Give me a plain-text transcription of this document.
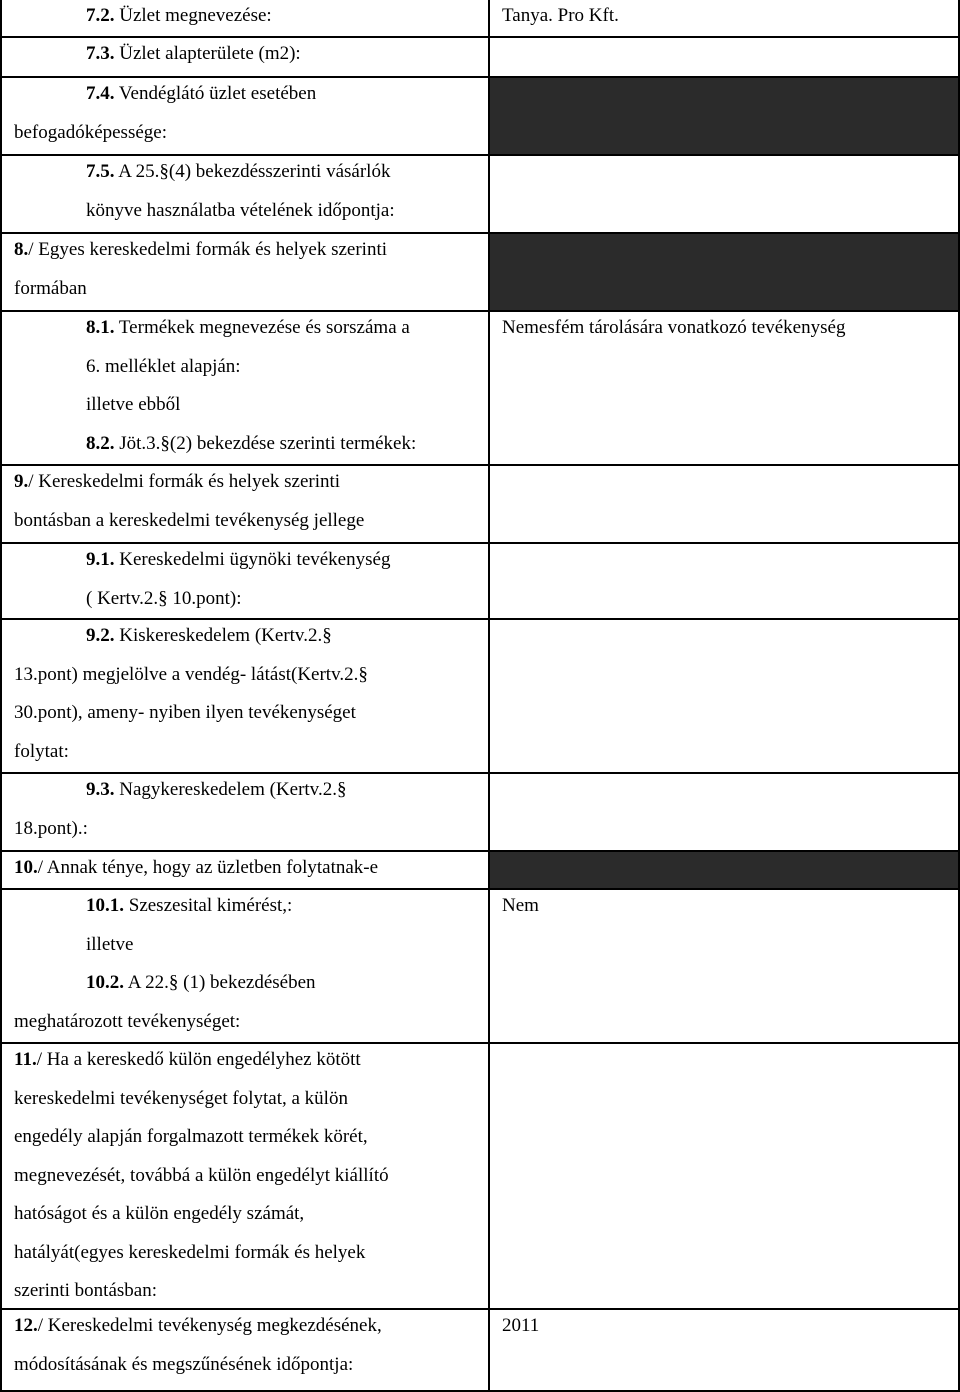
7.2. Üzlet megnevezése:	Tanya. Pro Kft.
7.3. Üzlet alapterülete (m2):
7.4. Vendéglátó üzlet esetében
befogadóképessége:
7.5. A 25.§(4) bekezdésszerinti vásárlók
könyve használatba vételének időpontja:
8./ Egyes kereskedelmi formák és helyek szerinti
formában
8.1. Termékek megnevezése és sorszáma a
6. melléklet alapján:
illetve ebből
8.2. Jöt.3.§(2) bekezdése szerinti termékek:
Nemesfém tárolására vonatkozó tevékenység
9./ Kereskedelmi formák és helyek szerinti
bontásban a kereskedelmi tevékenység jellege
9.1. Kereskedelmi ügynöki tevékenység
( Kertv.2.§ 10.pont):
9.2. Kiskereskedelem (Kertv.2.§
13.pont) megjelölve a vendég- látást(Kertv.2.§
30.pont), ameny- nyiben ilyen tevékenységet
folytat:
9.3. Nagykereskedelem (Kertv.2.§
18.pont).:
10./ Annak ténye, hogy az üzletben folytatnak-e
10.1. Szeszesital kimérést,:
illetve
10.2. A 22.§ (1) bekezdésében
meghatározott tevékenységet:
Nem
11./ Ha a kereskedő külön engedélyhez kötött
kereskedelmi tevékenységet folytat, a külön
engedély alapján forgalmazott termékek körét,
megnevezését, továbbá a külön engedélyt kiállító
hatóságot és a külön engedély számát,
hatályát(egyes kereskedelmi formák és helyek
szerinti bontásban:
12./ Kereskedelmi tevékenység megkezdésének,
módosításának és megszűnésének időpontja:
2011
